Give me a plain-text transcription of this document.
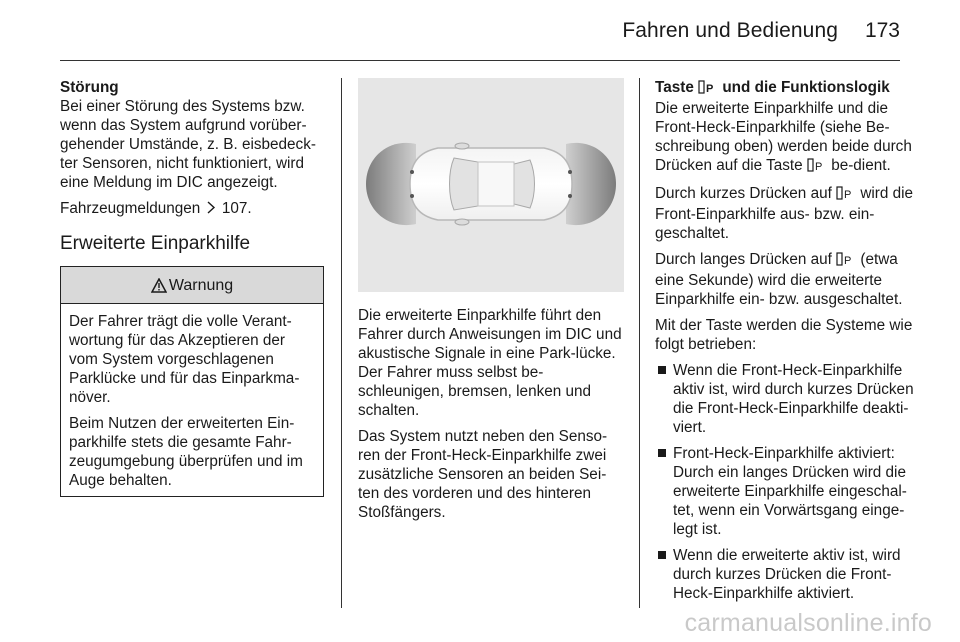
Fahren und Bedienung 173
Störung

Bei einer Störung des Systems bzw. wenn das System aufgrund vorüber-gehender Umstände, z. B. eisbedeck-ter Sensoren, nicht funktioniert, wird eine Meldung im DIC angezeigt.

Fahrzeugmeldungen 107.

Erweiterte Einparkhilfe
Warnung

Der Fahrer trägt die volle Verant-wortung für das Akzeptieren der vom System vorgeschlagenen Parklücke und für das Einparkma-növer.

Beim Nutzen der erweiterten Ein-parkhilfe stets die gesamte Fahr-zeugumgebung überprüfen und im Auge behalten.

Die erweiterte Einparkhilfe führt den Fahrer durch Anweisungen im DIC und akustische Signale in eine Park-lücke. Der Fahrer muss selbst be-schleunigen, bremsen, lenken und schalten.

Das System nutzt neben den Senso-ren der Front-Heck-Einparkhilfe zwei zusätzliche Sensoren an beiden Sei-ten des vorderen und des hinteren Stoßfängers.

Taste P und die Funktionslogik

Die erweiterte Einparkhilfe und die Front-Heck-Einparkhilfe (siehe Be-schreibung oben) werden beide durch Drücken auf die Taste P be-dient.

Durch kurzes Drücken auf P wird die Front-Einparkhilfe aus- bzw. ein-geschaltet.

Durch langes Drücken auf P (etwa eine Sekunde) wird die erweiterte Einparkhilfe ein- bzw. ausgeschaltet.

Mit der Taste werden die Systeme wie folgt betrieben:

Wenn die Front-Heck-Einparkhilfe aktiv ist, wird durch kurzes Drücken die Front-Heck-Einparkhilfe deakti-viert.
Front-Heck-Einparkhilfe aktiviert: Durch ein langes Drücken wird die erweiterte Einparkhilfe eingeschal-tet, wenn ein Vorwärtsgang einge-legt ist.
Wenn die erweiterte aktiv ist, wird durch kurzes Drücken die Front-Heck-Einparkhilfe aktiviert.
carmanualsonline.info
